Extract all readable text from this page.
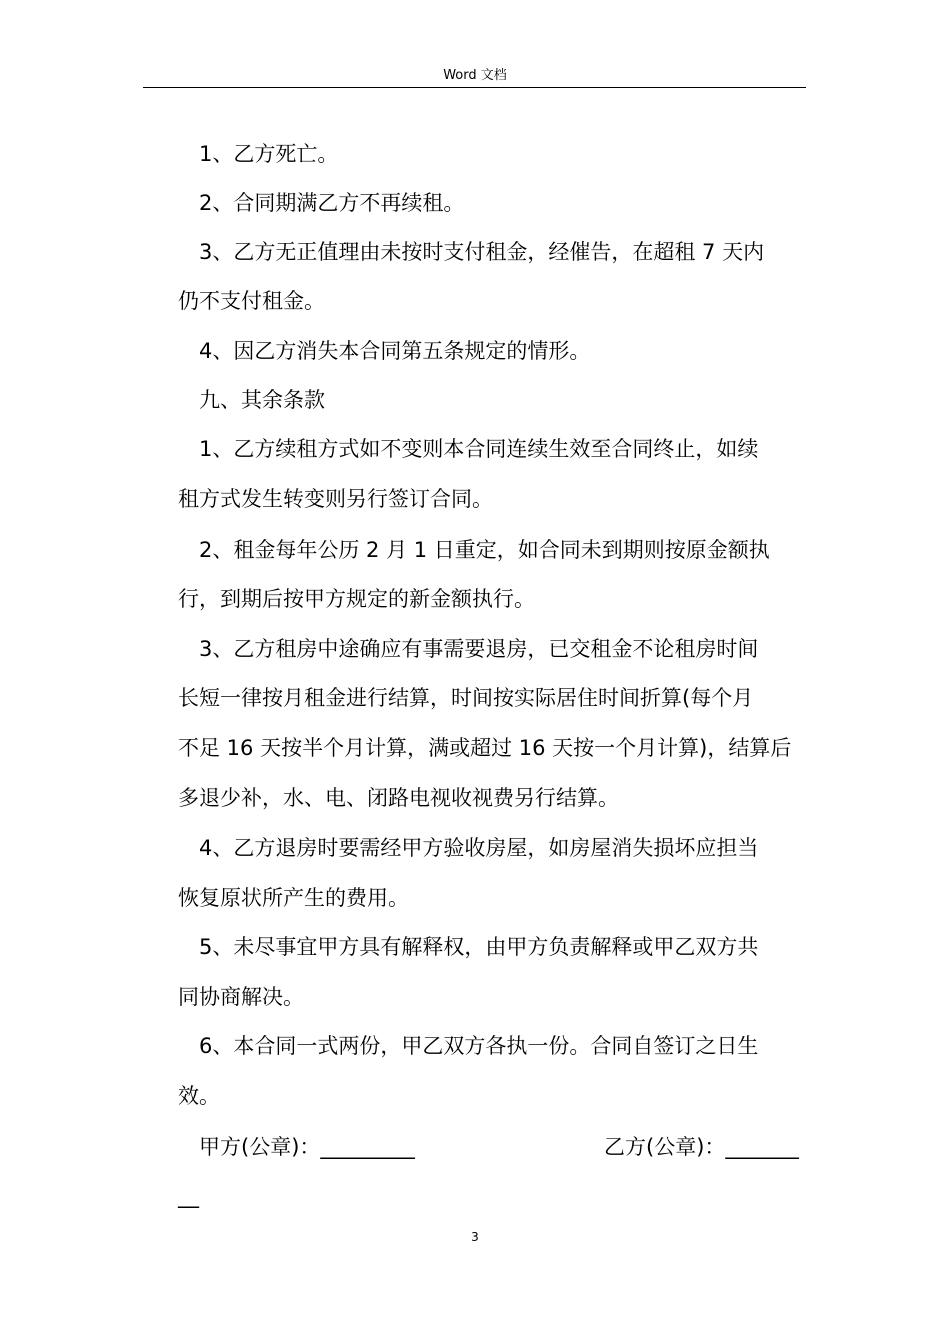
Word 文档
1、乙方死亡。
2、合同期满乙方不再续租。
3、乙方无正值理由未按时支付租金，经催告，在超租 7 天内
仍不支付租金。
4、因乙方消失本合同第五条规定的情形。
九、其余条款
1、乙方续租方式如不变则本合同连续生效至合同终止，如续
租方式发生转变则另行签订合同。
2、租金每年公历 2 月 1 日重定，如合同未到期则按原金额执
行，到期后按甲方规定的新金额执行。
3、乙方租房中途确应有事需要退房，已交租金不论租房时间
长短一律按月租金进行结算，时间按实际居住时间折算(每个月
不足 16 天按半个月计算，满或超过 16 天按一个月计算)，结算后
多退少补，水、电、闭路电视收视费另行结算。
4、乙方退房时要需经甲方验收房屋，如房屋消失损坏应担当
恢复原状所产生的费用。
5、未尽事宜甲方具有解释权，由甲方负责解释或甲乙双方共
同协商解决。
6、本合同一式两份，甲乙双方各执一份。合同自签订之日生
效。
甲方(公章)：_________	乙方(公章)：_______
__
3
